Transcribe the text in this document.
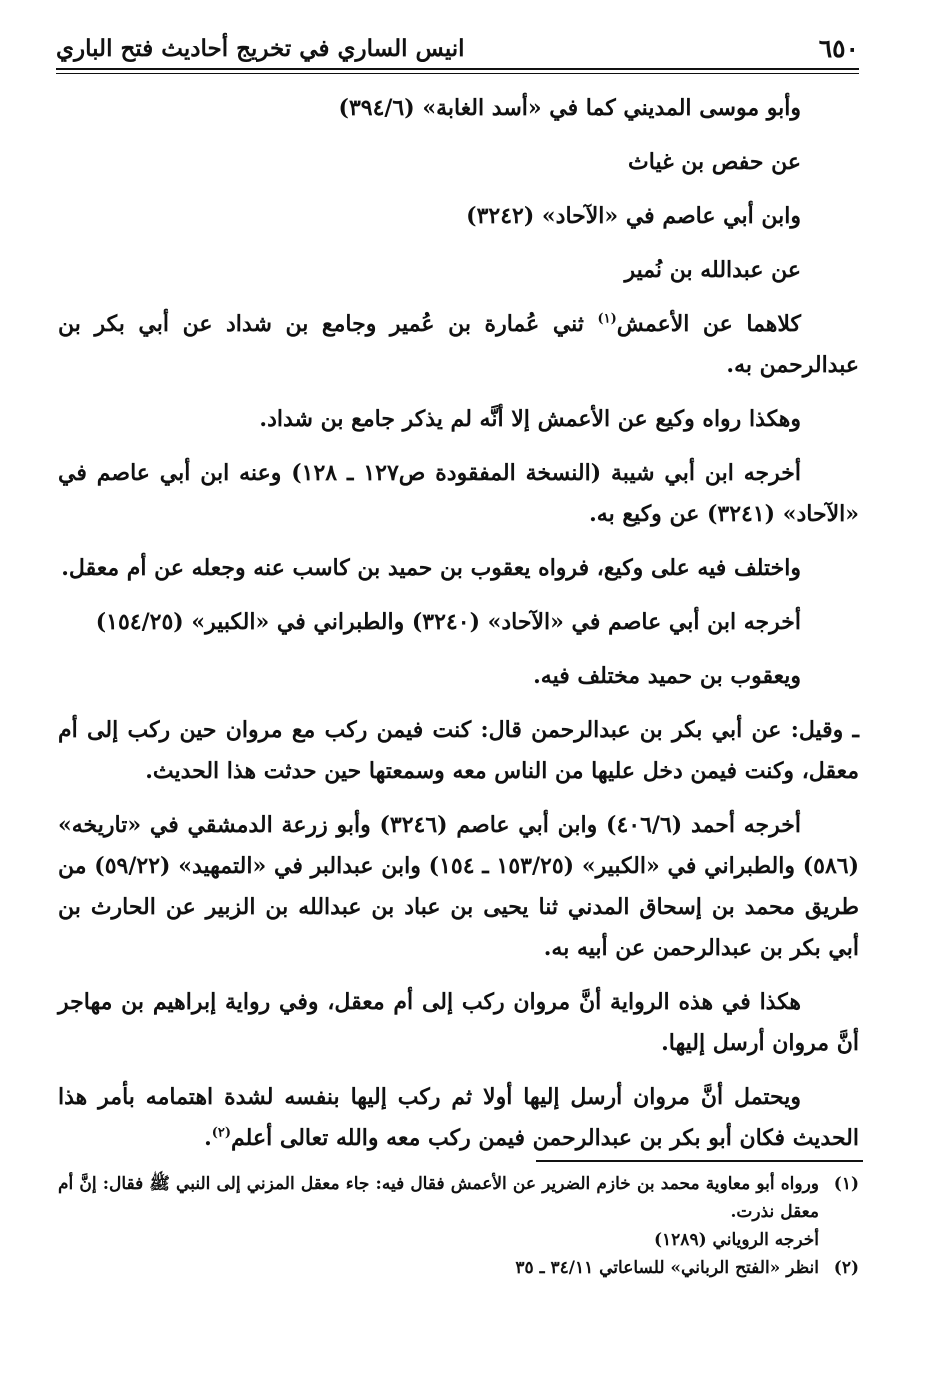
انيس الساري في تخريج أحاديث فتح الباري	٦٥٠

وأبو موسى المديني كما في «أسد الغابة» (٣٩٤/٦)

عن حفص بن غياث

وابن أبي عاصم في «الآحاد» (٣٢٤٢)

عن عبدالله بن نُمير

كلاهما عن الأعمش$^{(١)}$ ثني عُمارة بن عُمير وجامع بن شداد عن أبي بكر بن عبدالرحمن به.

وهكذا رواه وكيع عن الأعمش إلا أنَّه لم يذكر جامع بن شداد.

أخرجه ابن أبي شيبة (النسخة المفقودة ص١٢٧ ـ ١٢٨) وعنه ابن أبي عاصم في «الآحاد» (٣٢٤١) عن وكيع به.

واختلف فيه على وكيع، فرواه يعقوب بن حميد بن كاسب عنه وجعله عن أم معقل.

أخرجه ابن أبي عاصم في «الآحاد» (٣٢٤٠) والطبراني في «الكبير» (١٥٤/٢٥)

ويعقوب بن حميد مختلف فيه.

ـ وقيل: عن أبي بكر بن عبدالرحمن قال: كنت فيمن ركب مع مروان حين ركب إلى أم معقل، وكنت فيمن دخل عليها من الناس معه وسمعتها حين حدثت هذا الحديث.

أخرجه أحمد (٤٠٦/٦) وابن أبي عاصم (٣٢٤٦) وأبو زرعة الدمشقي في «تاريخه» (٥٨٦) والطبراني في «الكبير» (١٥٣/٢٥ ـ ١٥٤) وابن عبدالبر في «التمهيد» (٥٩/٢٢) من طريق محمد بن إسحاق المدني ثنا يحيى بن عباد بن عبدالله بن الزبير عن الحارث بن أبي بكر بن عبدالرحمن عن أبيه به.

هكذا في هذه الرواية أنَّ مروان ركب إلى أم معقل، وفي رواية إبراهيم بن مهاجر أنَّ مروان أرسل إليها.

ويحتمل أنَّ مروان أرسل إليها أولا ثم ركب إليها بنفسه لشدة اهتمامه بأمر هذا الحديث فكان أبو بكر بن عبدالرحمن فيمن ركب معه والله تعالى أعلم$^{(٢)}$.

(١)
ورواه أبو معاوية محمد بن خازم الضرير عن الأعمش فقال فيه: جاء معقل المزني إلى النبي ﷺ فقال: إنَّ أم معقل نذرت.
أخرجه الروياني (١٢٨٩)
(٢)
انظر «الفتح الرباني» للساعاتي ٣٤/١١ ـ ٣٥
